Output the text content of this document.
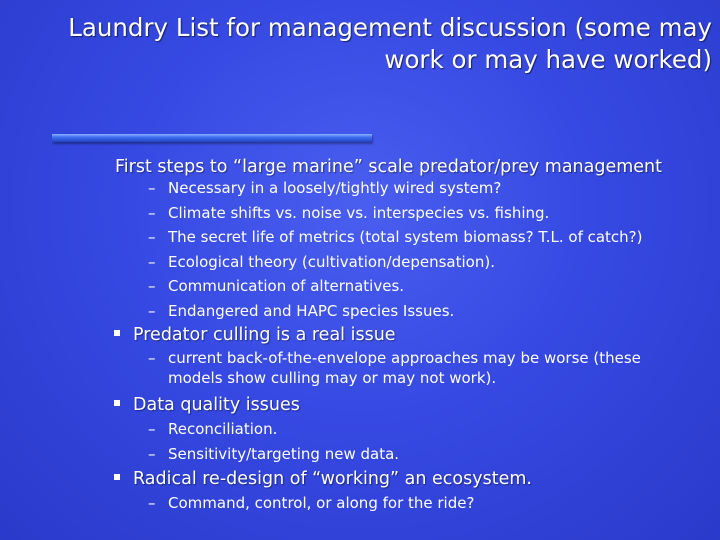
Laundry List for management discussion (some may
work or may have worked)
First steps to “large marine” scale predator/prey management
– Necessary in a loosely/tightly wired system?
– Climate shifts vs. noise vs. interspecies vs. fishing.
– The secret life of metrics (total system biomass? T.L. of catch?)
– Ecological theory (cultivation/depensation).
– Communication of alternatives.
– Endangered and HAPC species Issues.
Predator culling is a real issue
– current back-of-the-envelope approaches may be worse (these
models show culling may or may not work).
Data quality issues
– Reconciliation.
– Sensitivity/targeting new data.
Radical re-design of “working” an ecosystem.
– Command, control, or along for the ride?
